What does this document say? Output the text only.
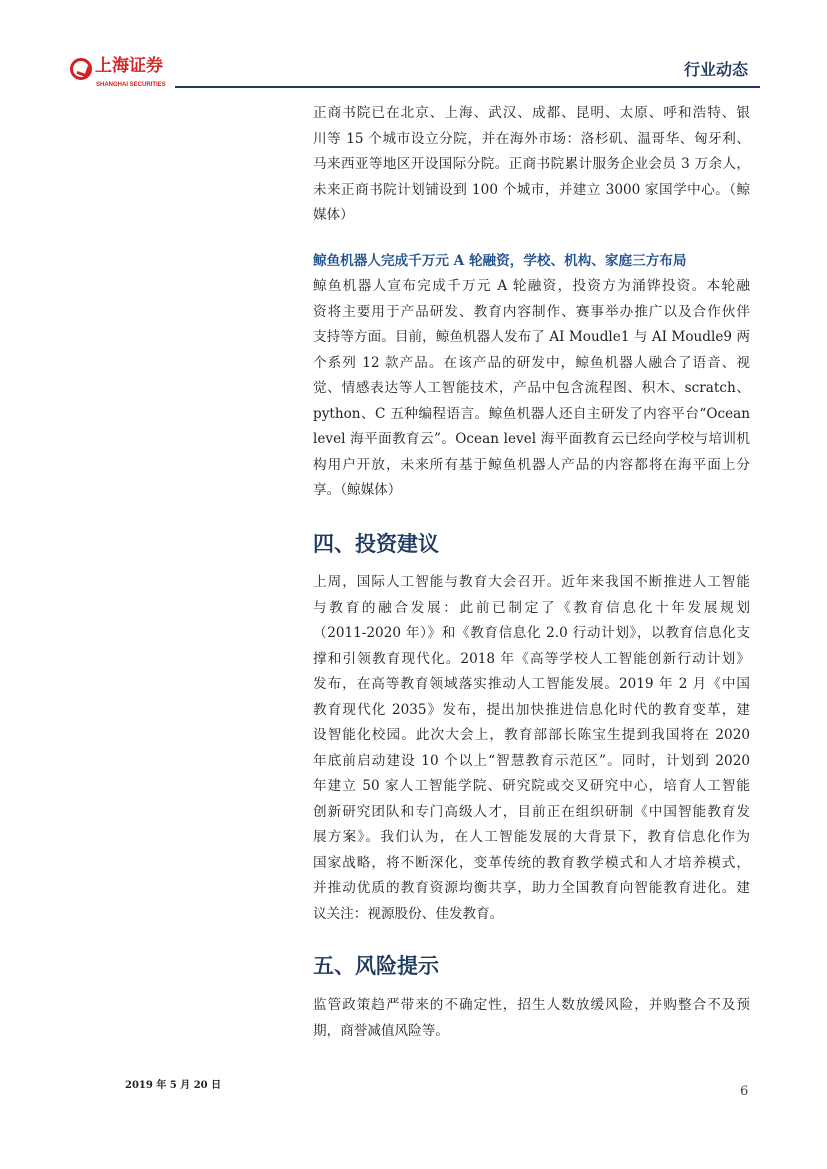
上海证券
SHANGHAI SECURITIES
行业动态
正商书院已在北京、上海、武汉、成都、昆明、太原、呼和浩特、银
川等 15 个城市设立分院，并在海外市场：洛杉矶、温哥华、匈牙利、
马来西亚等地区开设国际分院。正商书院累计服务企业会员 3 万余人，
未来正商书院计划铺设到 100 个城市，并建立 3000 家国学中心。（鲸
媒体）
鲸鱼机器人完成千万元 A 轮融资，学校、机构、家庭三方布局
鲸鱼机器人宣布完成千万元 A 轮融资，投资方为涌铧投资。本轮融
资将主要用于产品研发、教育内容制作、赛事举办推广以及合作伙伴
支持等方面。目前，鲸鱼机器人发布了 AI Moudle1 与 AI Moudle9 两
个系列 12 款产品。在该产品的研发中，鲸鱼机器人融合了语音、视
觉、情感表达等人工智能技术，产品中包含流程图、积木、scratch、
python、C 五种编程语言。鲸鱼机器人还自主研发了内容平台“Ocean
level 海平面教育云”。Ocean level 海平面教育云已经向学校与培训机
构用户开放，未来所有基于鲸鱼机器人产品的内容都将在海平面上分
享。（鲸媒体）
四、投资建议
上周，国际人工智能与教育大会召开。近年来我国不断推进人工智能
与教育的融合发展：此前已制定了《教育信息化十年发展规划
（2011-2020 年）》和《教育信息化 2.0 行动计划》，以教育信息化支
撑和引领教育现代化。2018 年《高等学校人工智能创新行动计划》
发布，在高等教育领域落实推动人工智能发展。2019 年 2 月《中国
教育现代化 2035》发布，提出加快推进信息化时代的教育变革，建
设智能化校园。此次大会上，教育部部长陈宝生提到我国将在 2020
年底前启动建设 10 个以上“智慧教育示范区”。同时，计划到 2020
年建立 50 家人工智能学院、研究院或交叉研究中心，培育人工智能
创新研究团队和专门高级人才，目前正在组织研制《中国智能教育发
展方案》。我们认为，在人工智能发展的大背景下，教育信息化作为
国家战略，将不断深化，变革传统的教育教学模式和人才培养模式，
并推动优质的教育资源均衡共享，助力全国教育向智能教育进化。建
议关注：视源股份、佳发教育。
五、风险提示
监管政策趋严带来的不确定性，招生人数放缓风险，并购整合不及预
期，商誉减值风险等。
2019 年 5 月 20 日	6
